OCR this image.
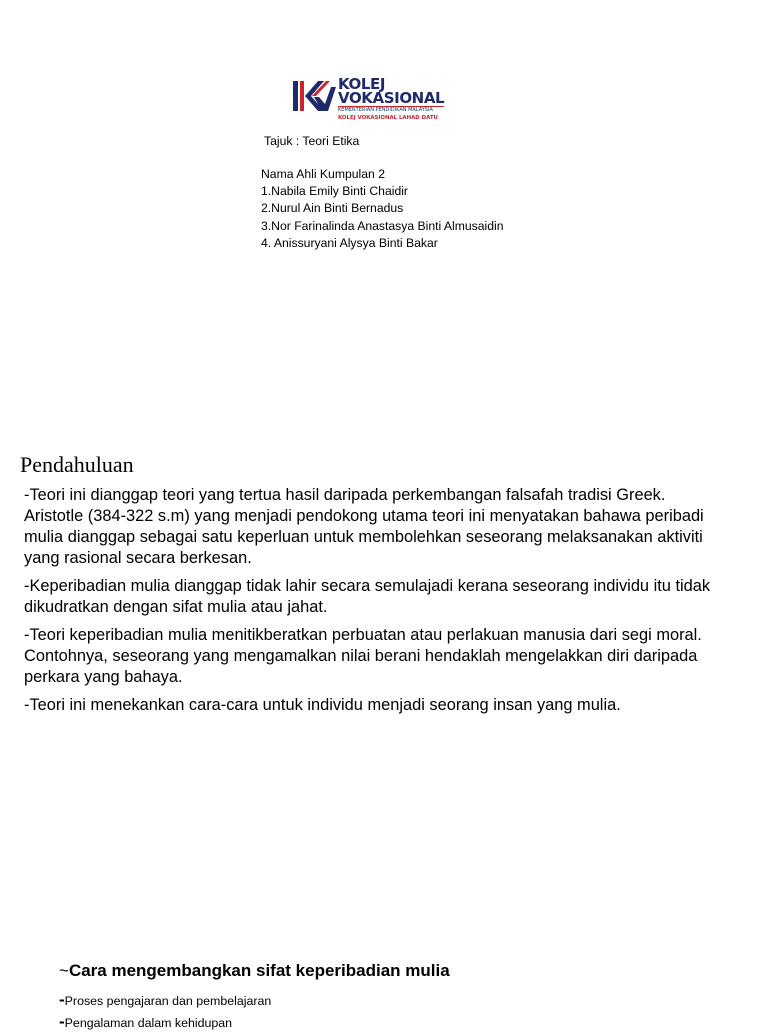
KOLEJ
VOKASIONAL
KEMENTERIAN PENDIDIKAN MALAYSIA
KOLEJ VOKASIONAL LAHAD DATU
Tajuk : Teori Etika
Nama Ahli Kumpulan 2
1.Nabila Emily Binti Chaidir
2.Nurul Ain Binti Bernadus
3.Nor Farinalinda Anastasya Binti Almusaidin
4. Anissuryani Alysya Binti Bakar
Pendahuluan

-Teori ini dianggap teori yang tertua hasil daripada perkembangan falsafah tradisi Greek. Aristotle (384-322 s.m) yang menjadi pendokong utama teori ini menyatakan bahawa peribadi mulia dianggap sebagai satu keperluan untuk membolehkan seseorang melaksanakan aktiviti yang rasional secara berkesan.

-Keperibadian mulia dianggap tidak lahir secara semulajadi kerana seseorang individu itu tidak dikudratkan dengan sifat mulia atau jahat.

-Teori keperibadian mulia menitikberatkan perbuatan atau perlakuan manusia dari segi moral. Contohnya, seseorang yang mengamalkan nilai berani hendaklah mengelakkan diri daripada perkara yang bahaya.

-Teori ini menekankan cara-cara untuk individu menjadi seorang insan yang mulia.

~Cara mengembangkan sifat keperibadian mulia
-Proses pengajaran dan pembelajaran
-Pengalaman dalam kehidupan
